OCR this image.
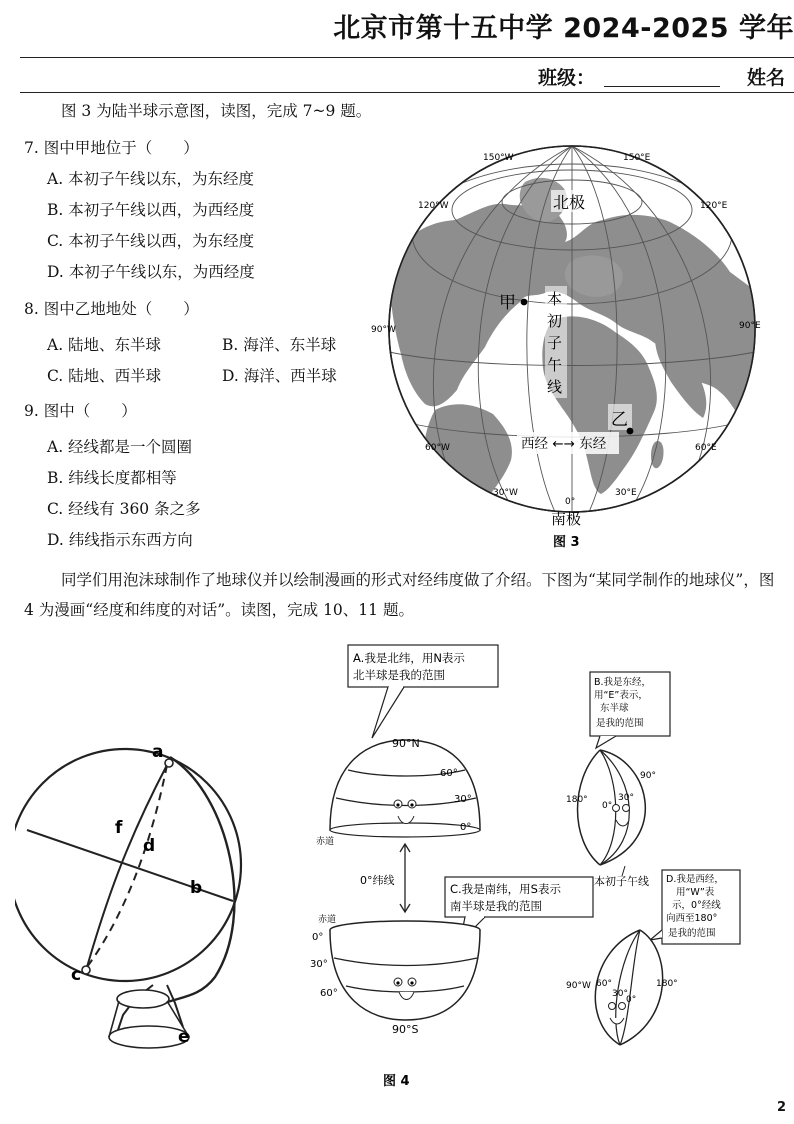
北京市第十五中学 2024-2025 学年
班级：	姓名
图 3 为陆半球示意图，读图，完成 7~9 题。
7. 图中甲地位于（　　）
A. 本初子午线以东，为东经度
B. 本初子午线以西，为西经度
C. 本初子午线以西，为东经度
D. 本初子午线以东，为西经度
8. 图中乙地地处（　　）
A. 陆地、东半球	B. 海洋、东半球
C. 陆地、西半球	D. 海洋、西半球
9. 图中（　　）
A. 经线都是一个圆圈
B. 纬线长度都相等
C. 经线有 360 条之多
D. 纬线指示东西方向
150°W	150°E
120°W	120°E
90°W	90°E
60°W	60°E
30°W	30°E
0°
北极
甲 本
初
子
午
线
乙
西经 ←→ 东经
南极
图 3
同学们用泡沫球制作了地球仪并以绘制漫画的形式对经纬度做了介绍。下图为“某同学制作的地球仪”，图 4 为漫画“经度和纬度的对话”。读图，完成 10、11 题。
a
b
c
d
e
f
A.我是北纬，用N表示
北半球是我的范围
90°N
60°
30°
0°
赤道
0°纬线
C.我是南纬，用S表示
南半球是我的范围
赤道
0°
30°
60°
90°S
B.我是东经，
用“E”表示，
东半球
是我的范围
180°
0°
30°
90°
本初子午线 D.我是西经，
用“W”表
示，0°经线
向西至180°
是我的范围
90°W 60°
30°
0°
180°
图 4
2
